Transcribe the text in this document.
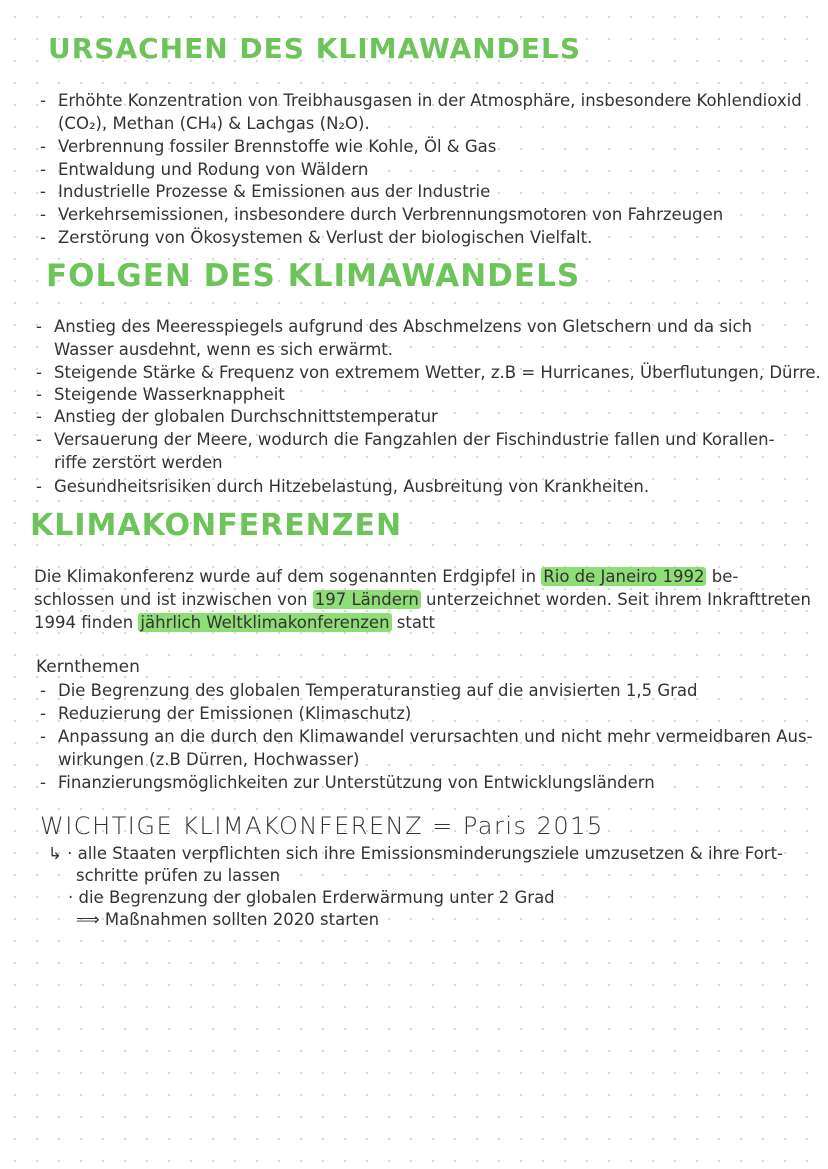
URSACHEN DES KLIMAWANDELS
- Erhöhte Konzentration von Treibhausgasen in der Atmosphäre, insbesondere Kohlendioxid
(CO₂), Methan (CH₄) & Lachgas (N₂O).
- Verbrennung fossiler Brennstoffe wie Kohle, Öl & Gas
- Entwaldung und Rodung von Wäldern
- Industrielle Prozesse & Emissionen aus der Industrie
- Verkehrsemissionen, insbesondere durch Verbrennungsmotoren von Fahrzeugen
- Zerstörung von Ökosystemen & Verlust der biologischen Vielfalt.
FOLGEN DES KLIMAWANDELS
- Anstieg des Meeresspiegels aufgrund des Abschmelzens von Gletschern und da sich
Wasser ausdehnt, wenn es sich erwärmt.
- Steigende Stärke & Frequenz von extremem Wetter, z.B = Hurricanes, Überflutungen, Dürre.
- Steigende Wasserknappheit
- Anstieg der globalen Durchschnittstemperatur
- Versauerung der Meere, wodurch die Fangzahlen der Fischindustrie fallen und Korallen-
riffe zerstört werden
- Gesundheitsrisiken durch Hitzebelastung, Ausbreitung von Krankheiten.
KLIMAKONFERENZEN
Die Klimakonferenz wurde auf dem sogenannten Erdgipfel in Rio de Janeiro 1992 be-
schlossen und ist inzwischen von 197 Ländern unterzeichnet worden. Seit ihrem Inkrafttreten
1994 finden jährlich Weltklimakonferenzen statt
Kernthemen
- Die Begrenzung des globalen Temperaturanstieg auf die anvisierten 1,5 Grad
- Reduzierung der Emissionen (Klimaschutz)
- Anpassung an die durch den Klimawandel verursachten und nicht mehr vermeidbaren Aus-
wirkungen (z.B Dürren, Hochwasser)
- Finanzierungsmöglichkeiten zur Unterstützung von Entwicklungsländern
WICHTIGE KLIMAKONFERENZ = Paris 2015
↳ · alle Staaten verpflichten sich ihre Emissionsminderungsziele umzusetzen & ihre Fort-
schritte prüfen zu lassen
· die Begrenzung der globalen Erderwärmung unter 2 Grad
⟹ Maßnahmen sollten 2020 starten
